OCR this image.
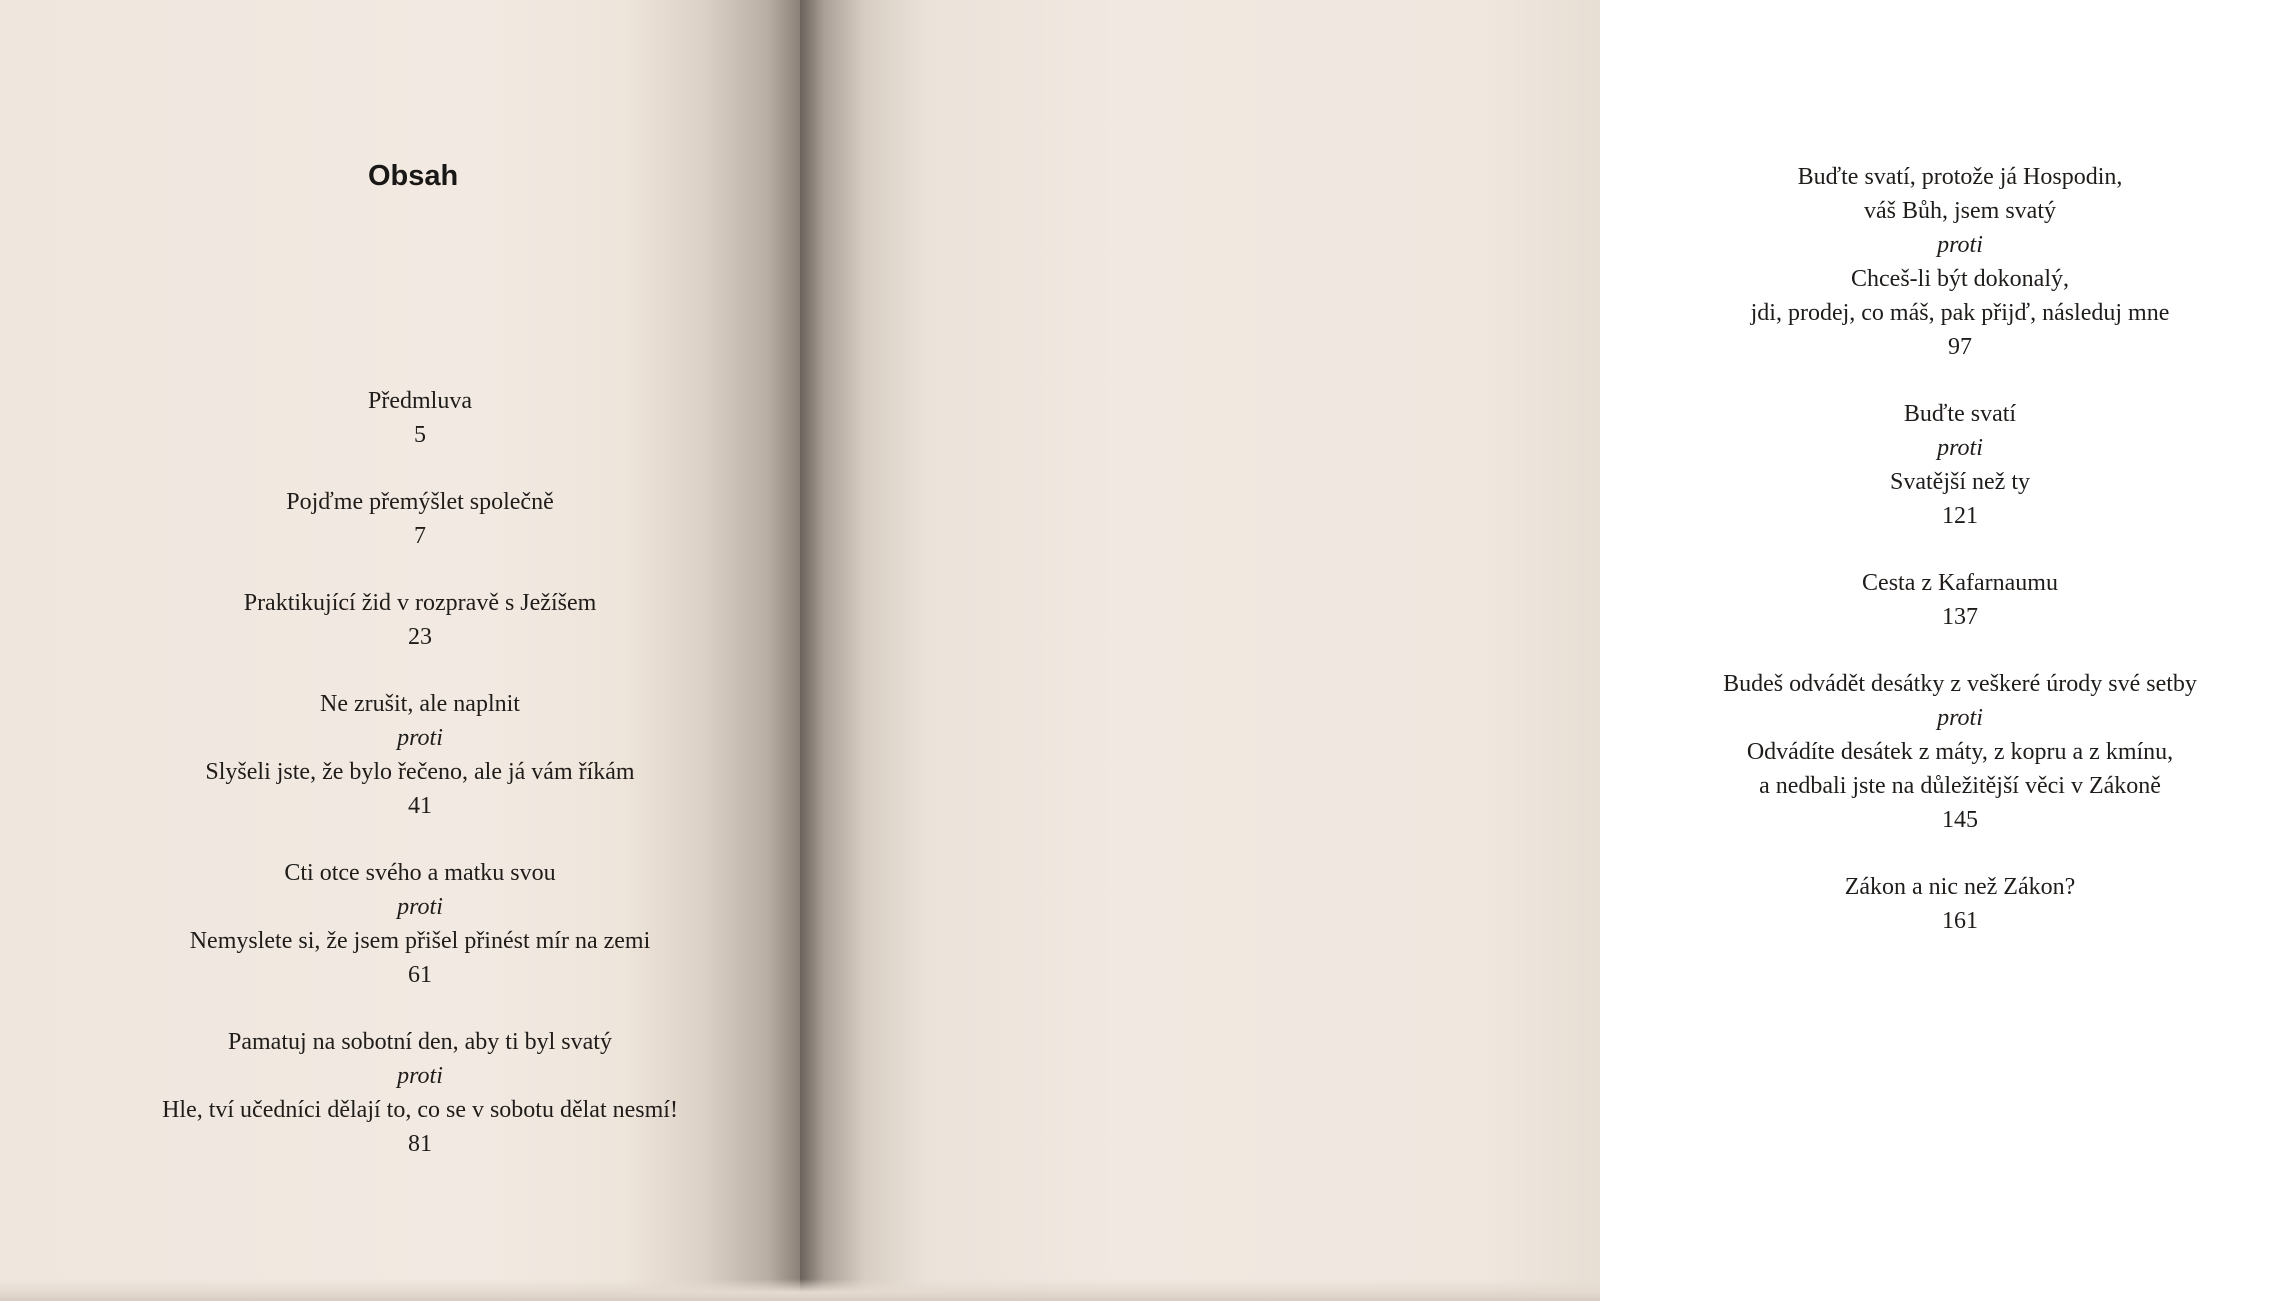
Obsah
Předmluva
5
Pojďme přemýšlet společně
7
Praktikující žid v rozpravě s Ježíšem
23
Ne zrušit, ale naplnit
proti
Slyšeli jste, že bylo řečeno, ale já vám říkám
41
Cti otce svého a matku svou
proti
Nemyslete si, že jsem přišel přinést mír na zemi
61
Pamatuj na sobotní den, aby ti byl svatý
proti
Hle, tví učedníci dělají to, co se v sobotu dělat nesmí!
81
Buďte svatí, protože já Hospodin,
váš Bůh, jsem svatý
proti
Chceš-li být dokonalý,
jdi, prodej, co máš, pak přijď, následuj mne
97
Buďte svatí
proti
Svatější než ty
121
Cesta z Kafarnaumu
137
Budeš odvádět desátky z veškeré úrody své setby
proti
Odvádíte desátek z máty, z kopru a z kmínu,
a nedbali jste na důležitější věci v Zákoně
145
Zákon a nic než Zákon?
161
